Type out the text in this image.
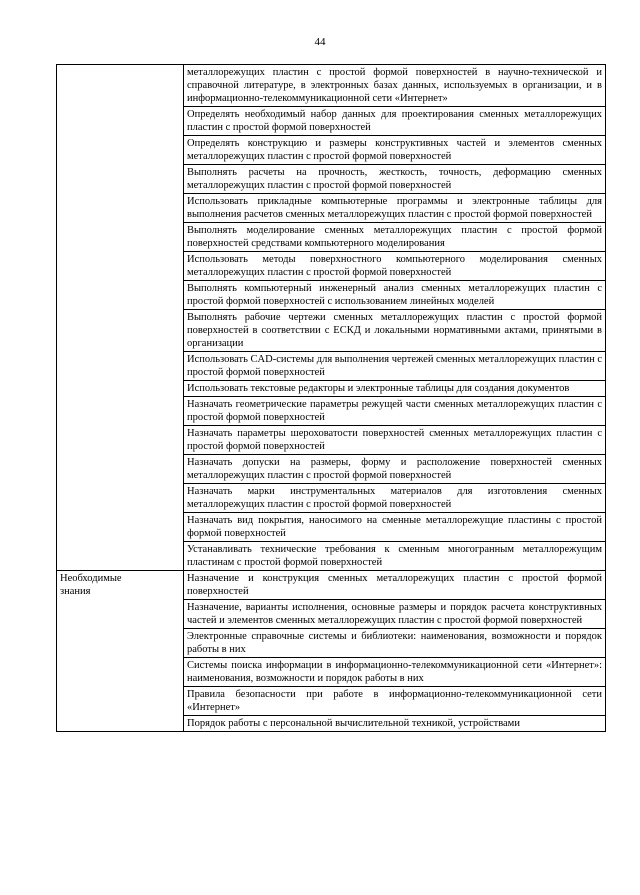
44
	металлорежущих пластин с простой формой поверхностей в научно-технической и справочной литературе, в электронных базах данных, используемых в организации, и в информационно-телекоммуникационной сети «Интернет»
	Определять необходимый набор данных для проектирования сменных металлорежущих пластин с простой формой поверхностей
	Определять конструкцию и размеры конструктивных частей и элементов сменных металлорежущих пластин с простой формой поверхностей
	Выполнять расчеты на прочность, жесткость, точность, деформацию сменных металлорежущих пластин с простой формой поверхностей
	Использовать прикладные компьютерные программы и электронные таблицы для выполнения расчетов сменных металлорежущих пластин с простой формой поверхностей
	Выполнять моделирование сменных металлорежущих пластин с простой формой поверхностей средствами компьютерного моделирования
	Использовать методы поверхностного компьютерного моделирования сменных металлорежущих пластин с простой формой поверхностей
	Выполнять компьютерный инженерный анализ сменных металлорежущих пластин с простой формой поверхностей с использованием линейных моделей
	Выполнять рабочие чертежи сменных металлорежущих пластин с простой формой поверхностей в соответствии с ЕСКД и локальными нормативными актами, принятыми в организации
	Использовать CAD-системы для выполнения чертежей сменных металлорежущих пластин с простой формой поверхностей
	Использовать текстовые редакторы и электронные таблицы для создания документов
	Назначать геометрические параметры режущей части сменных металлорежущих пластин с простой формой поверхностей
	Назначать параметры шероховатости поверхностей сменных металлорежущих пластин с простой формой поверхностей
	Назначать допуски на размеры, форму и расположение поверхностей сменных металлорежущих пластин с простой формой поверхностей
	Назначать марки инструментальных материалов для изготовления сменных металлорежущих пластин с простой формой поверхностей
	Назначать вид покрытия, наносимого на сменные металлорежущие пластины с простой формой поверхностей
	Устанавливать технические требования к сменным многогранным металлорежущим пластинам с простой формой поверхностей

Необходимые
знания	Назначение и конструкция сменных металлорежущих пластин с простой формой поверхностей
	Назначение, варианты исполнения, основные размеры и порядок расчета конструктивных частей и элементов сменных металлорежущих пластин с простой формой поверхностей
	Электронные справочные системы и библиотеки: наименования, возможности и порядок работы в них
	Системы поиска информации в информационно-телекоммуникационной сети «Интернет»: наименования, возможности и порядок работы в них
	Правила безопасности при работе в информационно-телекоммуникационной сети «Интернет»
	Порядок работы с персональной вычислительной техникой, устройствами
